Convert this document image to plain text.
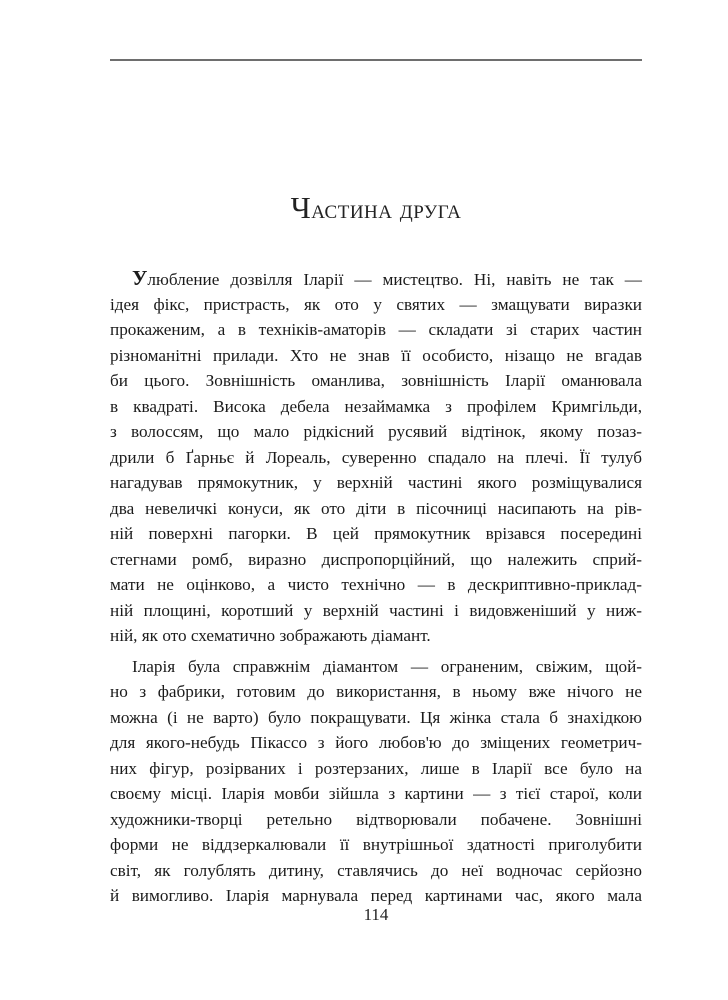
Частина друга
Улюбление дозвілля Іларії — мистецтво. Ні, навіть не так —
ідея фікс, пристрасть, як ото у святих — змащувати виразки
прокаженим, а в техніків-аматорів — складати зі старих частин
різноманітні прилади. Хто не знав її особисто, нізащо не вгадав
би цього. Зовнішність оманлива, зовнішність Іларії оманювала
в квадраті. Висока дебела незаймамка з профілем Кримгільди,
з волоссям, що мало рідкісний русявий відтінок, якому позаз-
дрили б Ґарньє й Лореаль, суверенно спадало на плечі. Її тулуб
нагадував прямокутник, у верхній частині якого розміщувалися
два невеличкі конуси, як ото діти в пісочниці насипають на рів-
ній поверхні пагорки. В цей прямокутник врізався посередині
стегнами ромб, виразно диспропорційний, що належить сприй-
мати не оцінково, а чисто технічно — в дескриптивно-приклад-
ній площині, коротший у верхній частині і видовженіший у ниж-
ній, як ото схематично зображають діамант.
Іларія була справжнім діамантом — ограненим, свіжим, щой-
но з фабрики, готовим до використання, в ньому вже нічого не
можна (і не варто) було покращувати. Ця жінка стала б знахідкою
для якого-небудь Пікассо з його любов'ю до зміщених геометрич-
них фігур, розірваних і розтерзаних, лише в Іларії все було на
своєму місці. Іларія мовби зійшла з картини — з тієї старої, коли
художники-творці ретельно відтворювали побачене. Зовнішні
форми не віддзеркалювали її внутрішньої здатності приголубити
світ, як голублять дитину, ставлячись до неї водночас серйозно
й вимогливо. Іларія марнувала перед картинами час, якого мала
114
